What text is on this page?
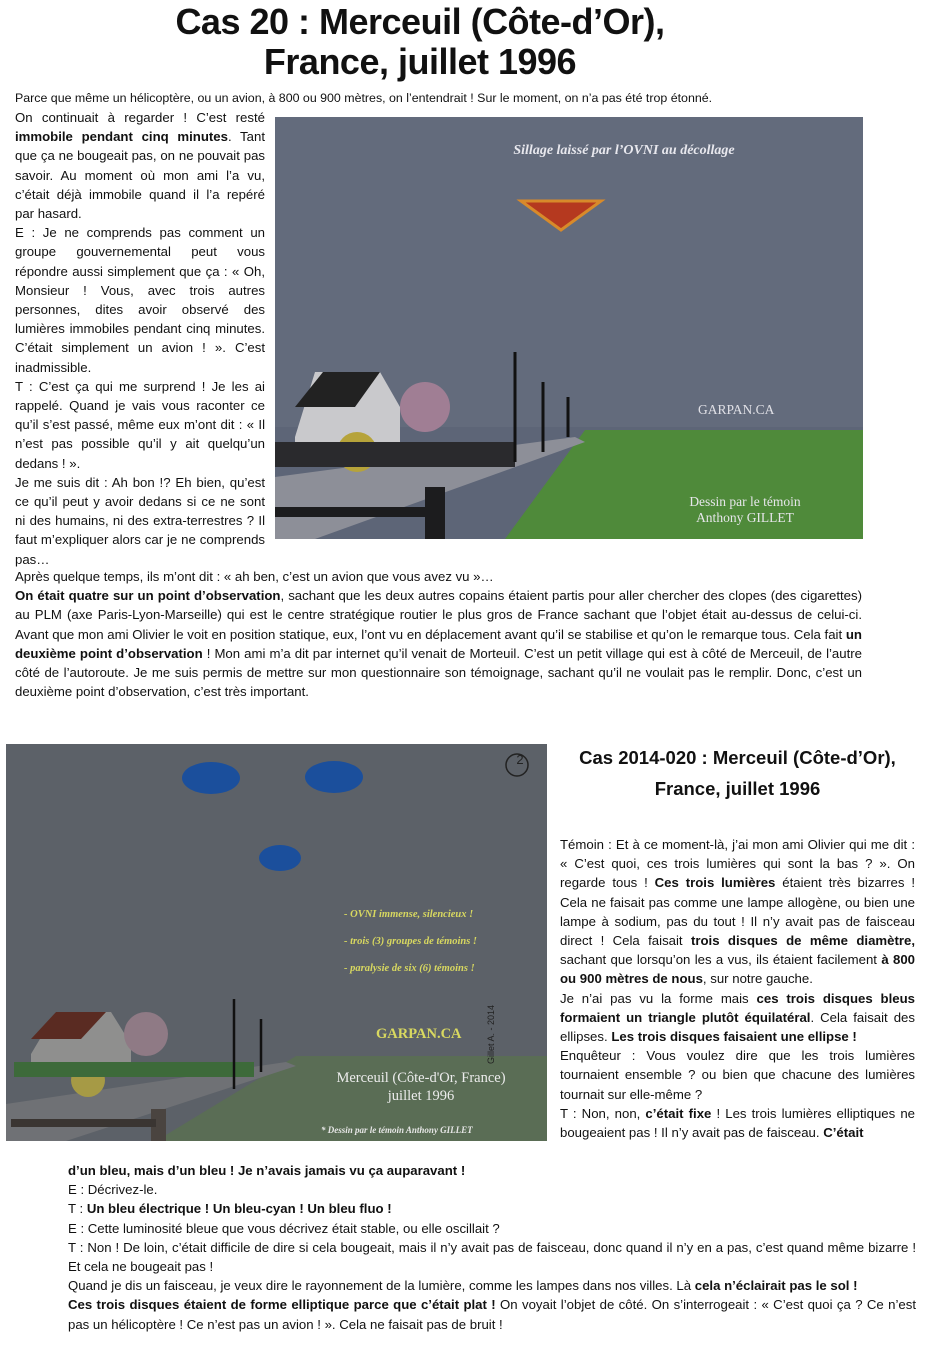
Cas 20 : Merceuil (Côte-d’Or),
France, juillet 1996

Parce que même un hélicoptère, ou un avion, à 800 ou 900 mètres, on l’entendrait ! Sur le moment, on n’a pas été trop étonné.

On continuait à regarder ! C’est resté immobile pendant cinq minutes. Tant que ça ne bougeait pas, on ne pouvait pas savoir. Au moment où mon ami l’a vu, c’était déjà immobile quand il l’a repéré par hasard.

E : Je ne comprends pas comment un groupe gouvernemental peut vous répondre aussi simplement que ça : « Oh, Monsieur ! Vous, avec trois autres personnes, dites avoir observé des lumières immobiles pendant cinq minutes. C’était simplement un avion ! ». C’est inadmissible.

T : C’est ça qui me surprend ! Je les ai rappelé. Quand je vais vous raconter ce qu’il s’est passé, même eux m’ont dit : « Il n’est pas possible qu’il y ait quelqu’un dedans ! ».

Je me suis dit : Ah bon !? Eh bien, qu’est ce qu’il peut y avoir dedans si ce ne sont ni des humains, ni des extra-terrestres ? Il faut m’expliquer alors car je ne comprends pas…

Sillage laissé par l’OVNI au décollage
GARPAN.CA
Dessin par le témoin
Anthony GILLET

Après quelque temps, ils m’ont dit : « ah ben, c’est un avion que vous avez vu »…

On était quatre sur un point d’observation, sachant que les deux autres copains étaient partis pour aller chercher des clopes (des cigarettes) au PLM (axe Paris-Lyon-Marseille) qui est le centre stratégique routier le plus gros de France sachant que l’objet était au-dessus de celui-ci. Avant que mon ami Olivier le voit en position statique, eux, l’ont vu en déplacement avant qu’il se stabilise et qu’on le remarque tous. Cela fait un deuxième point d’observation ! Mon ami m’a dit par internet qu’il venait de Morteuil. C’est un petit village qui est à côté de Merceuil, de l’autre côté de l’autoroute. Je me suis permis de mettre sur mon questionnaire son témoignage, sachant qu’il ne voulait pas le remplir. Donc, c’est un deuxième point d’observation, c’est très important.

2
- OVNI immense, silencieux !
- trois (3) groupes de témoins !
- paralysie de six (6) témoins !
GARPAN.CA
Merceuil (Côte-d'Or, France)
juillet 1996
* Dessin par le témoin Anthony GILLET
Gillet A. - 2014
Cas 2014-020 : Merceuil (Côte-d’Or),
France, juillet 1996

Témoin : Et à ce moment-là, j’ai mon ami Olivier qui me dit : « C’est quoi, ces trois lumières qui sont la bas ? ». On regarde tous ! Ces trois lumières étaient très bizarres ! Cela ne faisait pas comme une lampe allogène, ou bien une lampe à sodium, pas du tout ! Il n’y avait pas de faisceau direct ! Cela faisait trois disques de même diamètre, sachant que lorsqu’on les a vus, ils étaient facilement à 800 ou 900 mètres de nous, sur notre gauche.

Je n’ai pas vu la forme mais ces trois disques bleus formaient un triangle plutôt équilatéral. Cela faisait des ellipses. Les trois disques faisaient une ellipse !

Enquêteur : Vous voulez dire que les trois lumières tournaient ensemble ? ou bien que chacune des lumières tournait sur elle-même ?

T : Non, non, c’était fixe ! Les trois lumières elliptiques ne bougeaient pas ! Il n’y avait pas de faisceau. C’était

d’un bleu, mais d’un bleu ! Je n’avais jamais vu ça auparavant !

E : Décrivez-le.

T : Un bleu électrique ! Un bleu-cyan ! Un bleu fluo !

E : Cette luminosité bleue que vous décrivez était stable, ou elle oscillait ?

T : Non ! De loin, c’était difficile de dire si cela bougeait, mais il n’y avait pas de faisceau, donc quand il n’y en a pas, c’est quand même bizarre ! Et cela ne bougeait pas !

Quand je dis un faisceau, je veux dire le rayonnement de la lumière, comme les lampes dans nos villes. Là cela n’éclairait pas le sol !

Ces trois disques étaient de forme elliptique parce que c’était plat ! On voyait l’objet de côté. On s’interrogeait : « C’est quoi ça ? Ce n’est pas un hélicoptère ! Ce n’est pas un avion ! ». Cela ne faisait pas de bruit !
